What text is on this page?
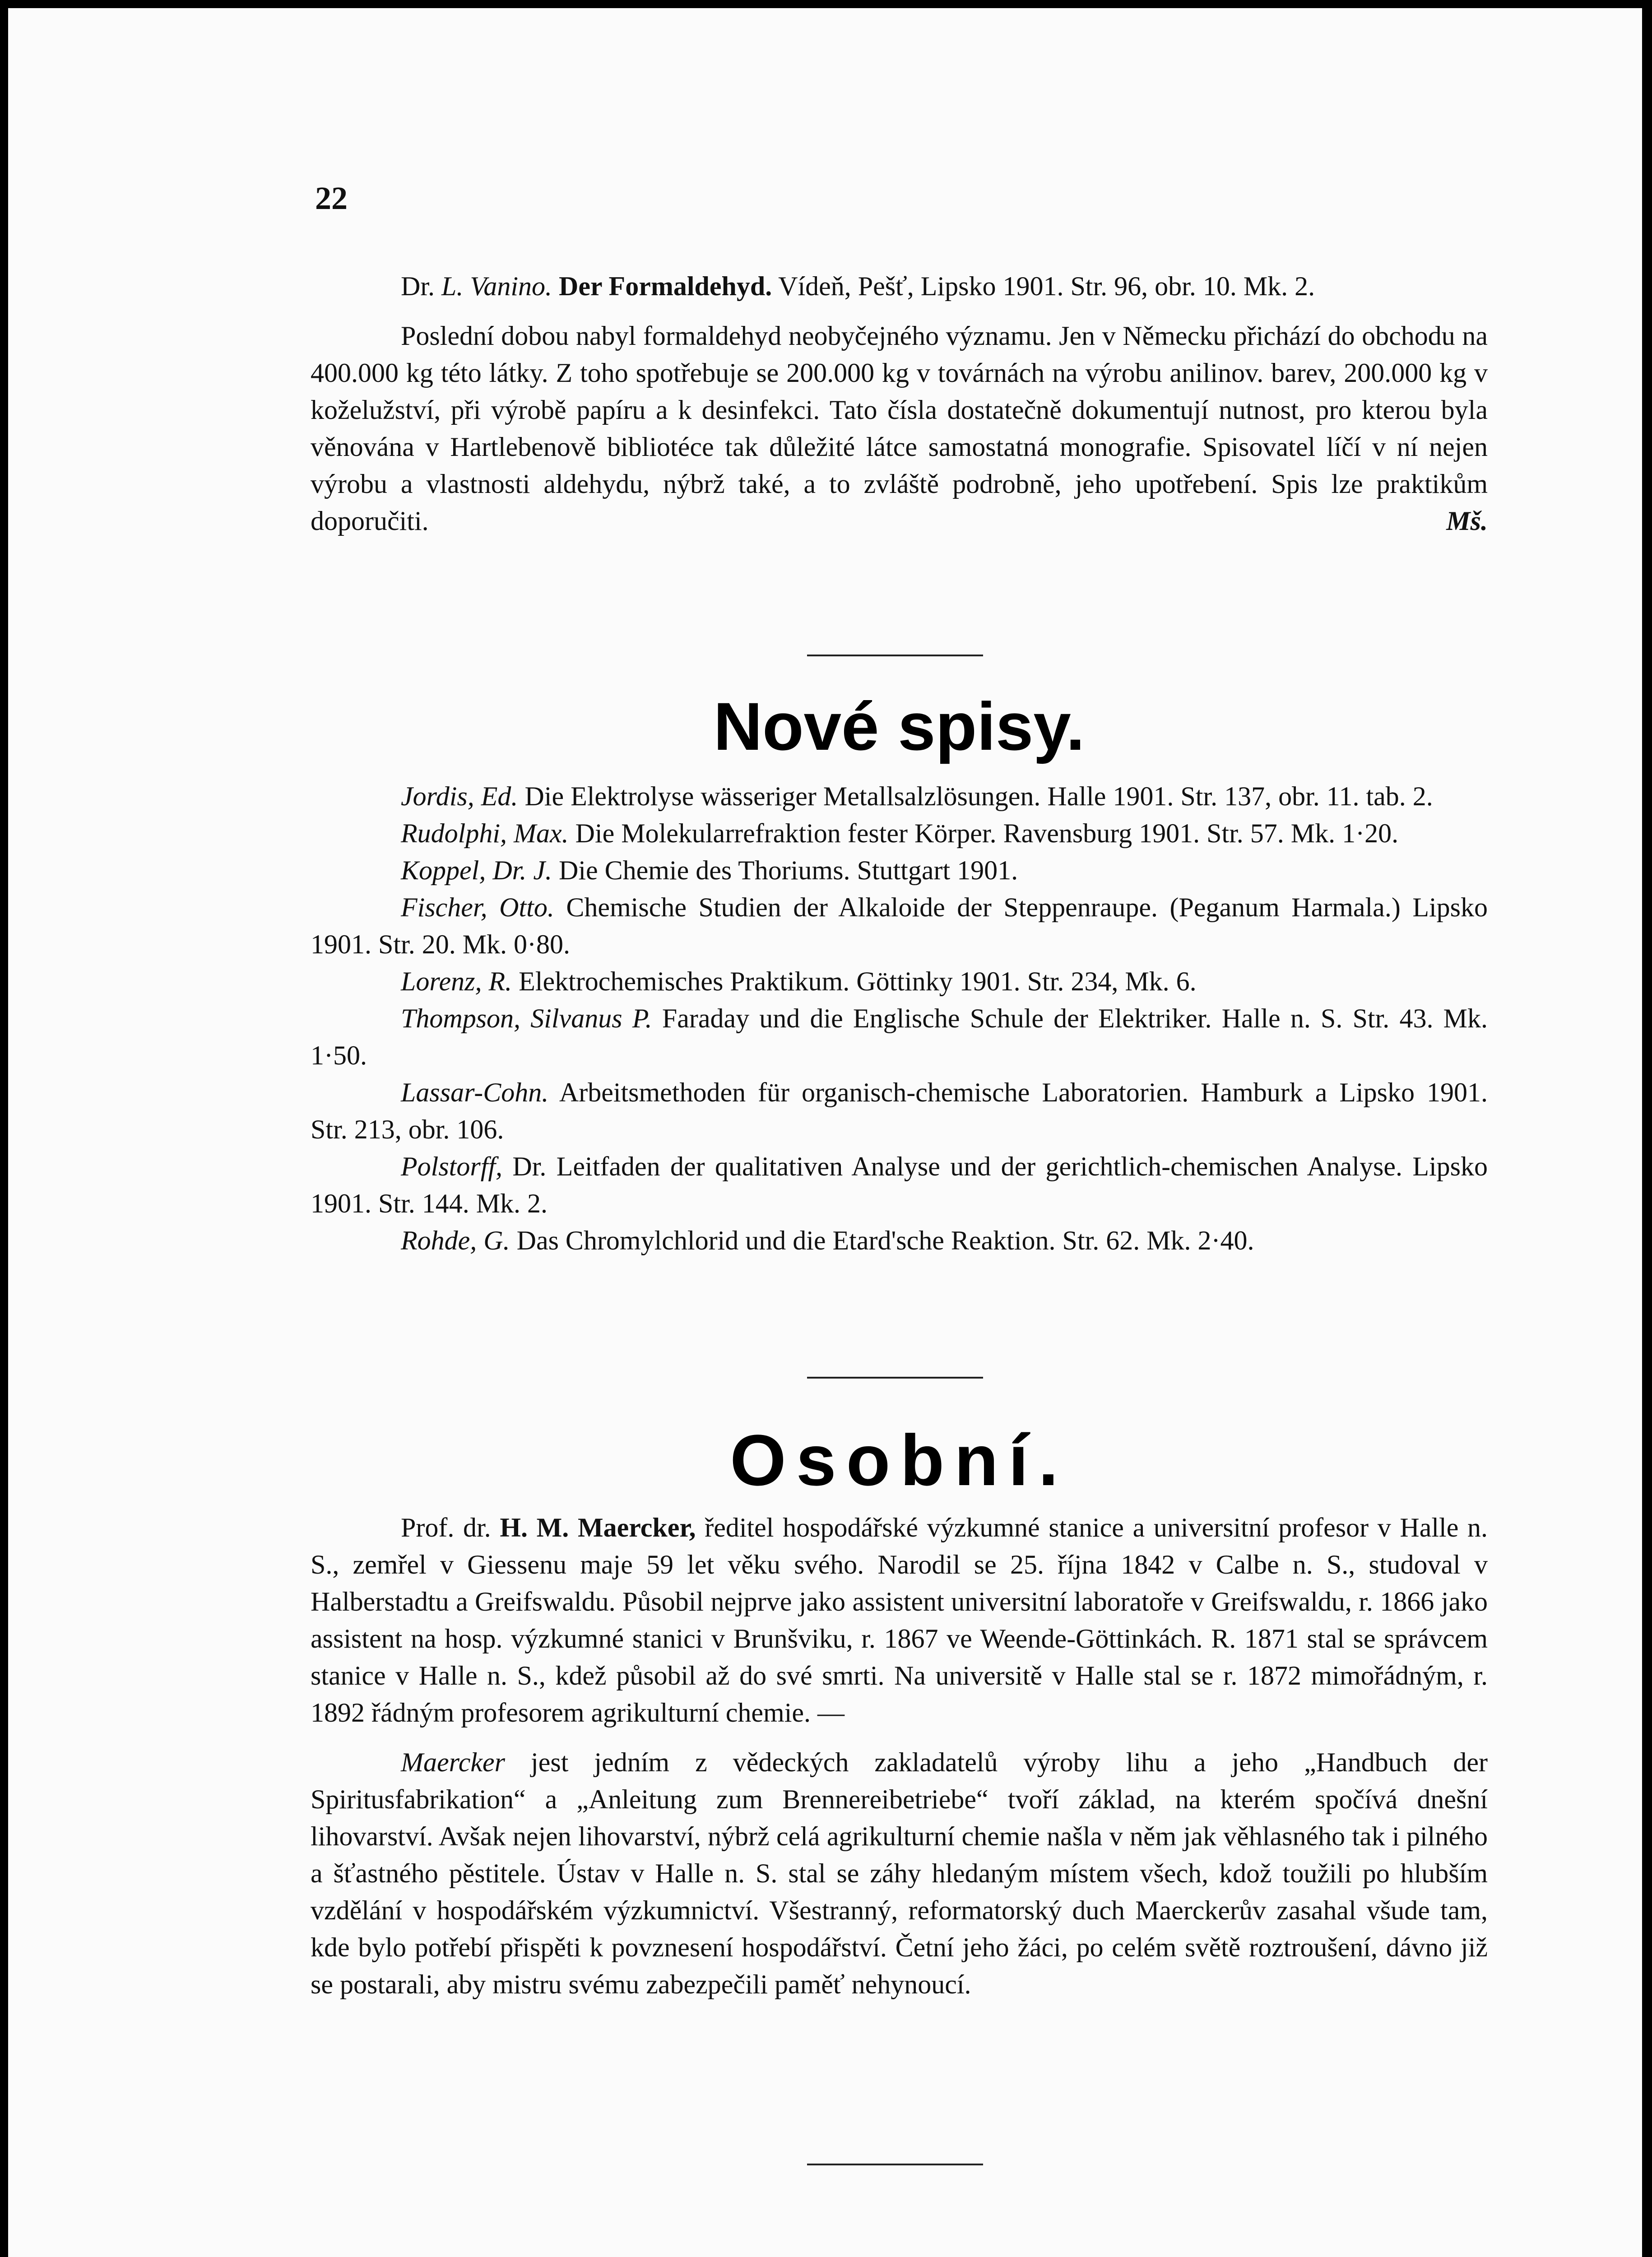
22

Dr. L. Vanino. Der Formaldehyd. Vídeň, Pešť, Lipsko 1901. Str. 96, obr. 10. Mk. 2.

Poslední dobou nabyl formaldehyd neobyčejného významu. Jen v Německu přichází do obchodu na 400.000 kg této látky. Z toho spotřebuje se 200.000 kg v továrnách na výrobu anilinov. barev, 200.000 kg v koželužství, při výrobě papíru a k desinfekci. Tato čísla dostatečně dokumentují nutnost, pro kterou byla věnována v Hartlebenově bibliotéce tak důležité látce samostatná monografie. Spisovatel líčí v ní nejen výrobu a vlastnosti aldehydu, nýbrž také, a to zvláště podrobně, jeho upotřebení. Spis lze praktikům doporučiti.	Mš.

Nové spisy.

Jordis, Ed. Die Elektrolyse wässeriger Metallsalzlösungen. Halle 1901. Str. 137, obr. 11. tab. 2.

Rudolphi, Max. Die Molekularrefraktion fester Körper. Ravensburg 1901. Str. 57. Mk. 1·20.

Koppel, Dr. J. Die Chemie des Thoriums. Stuttgart 1901.

Fischer, Otto. Chemische Studien der Alkaloide der Steppenraupe. (Peganum Harmala.) Lipsko 1901. Str. 20. Mk. 0·80.

Lorenz, R. Elektrochemisches Praktikum. Göttinky 1901. Str. 234, Mk. 6.

Thompson, Silvanus P. Faraday und die Englische Schule der Elektriker. Halle n. S. Str. 43. Mk. 1·50.

Lassar-Cohn. Arbeitsmethoden für organisch-chemische Laboratorien. Hamburk a Lipsko 1901. Str. 213, obr. 106.

Polstorff, Dr. Leitfaden der qualitativen Analyse und der gerichtlich-chemischen Analyse. Lipsko 1901. Str. 144. Mk. 2.

Rohde, G. Das Chromylchlorid und die Etard'sche Reaktion. Str. 62. Mk. 2·40.

Osobní.

Prof. dr. H. M. Maercker, ředitel hospodářské výzkumné stanice a universitní profesor v Halle n. S., zemřel v Giessenu maje 59 let věku svého. Narodil se 25. října 1842 v Calbe n. S., studoval v Halberstadtu a Greifswaldu. Působil nejprve jako assistent universitní laboratoře v Greifswaldu, r. 1866 jako assistent na hosp. výzkumné stanici v Brunšviku, r. 1867 ve Weende-Göttinkách. R. 1871 stal se správcem stanice v Halle n. S., kdež působil až do své smrti. Na universitě v Halle stal se r. 1872 mimořádným, r. 1892 řádným profesorem agrikulturní chemie. —

Maercker jest jedním z vědeckých zakladatelů výroby lihu a jeho „Handbuch der Spiritusfabrikation“ a „Anleitung zum Brennereibetriebe“ tvoří základ, na kterém spočívá dnešní lihovarství. Avšak nejen lihovarství, nýbrž celá agrikulturní chemie našla v něm jak věhlasného tak i pilného a šťastného pěstitele. Ústav v Halle n. S. stal se záhy hledaným místem všech, kdož toužili po hlubším vzdělání v hospodářském výzkumnictví. Všestranný, reformatorský duch Maerckerův zasahal všude tam, kde bylo potřebí přispěti k povznesení hospodářství. Četní jeho žáci, po celém světě roztroušení, dávno již se postarali, aby mistru svému zabezpečili paměť nehynoucí.
